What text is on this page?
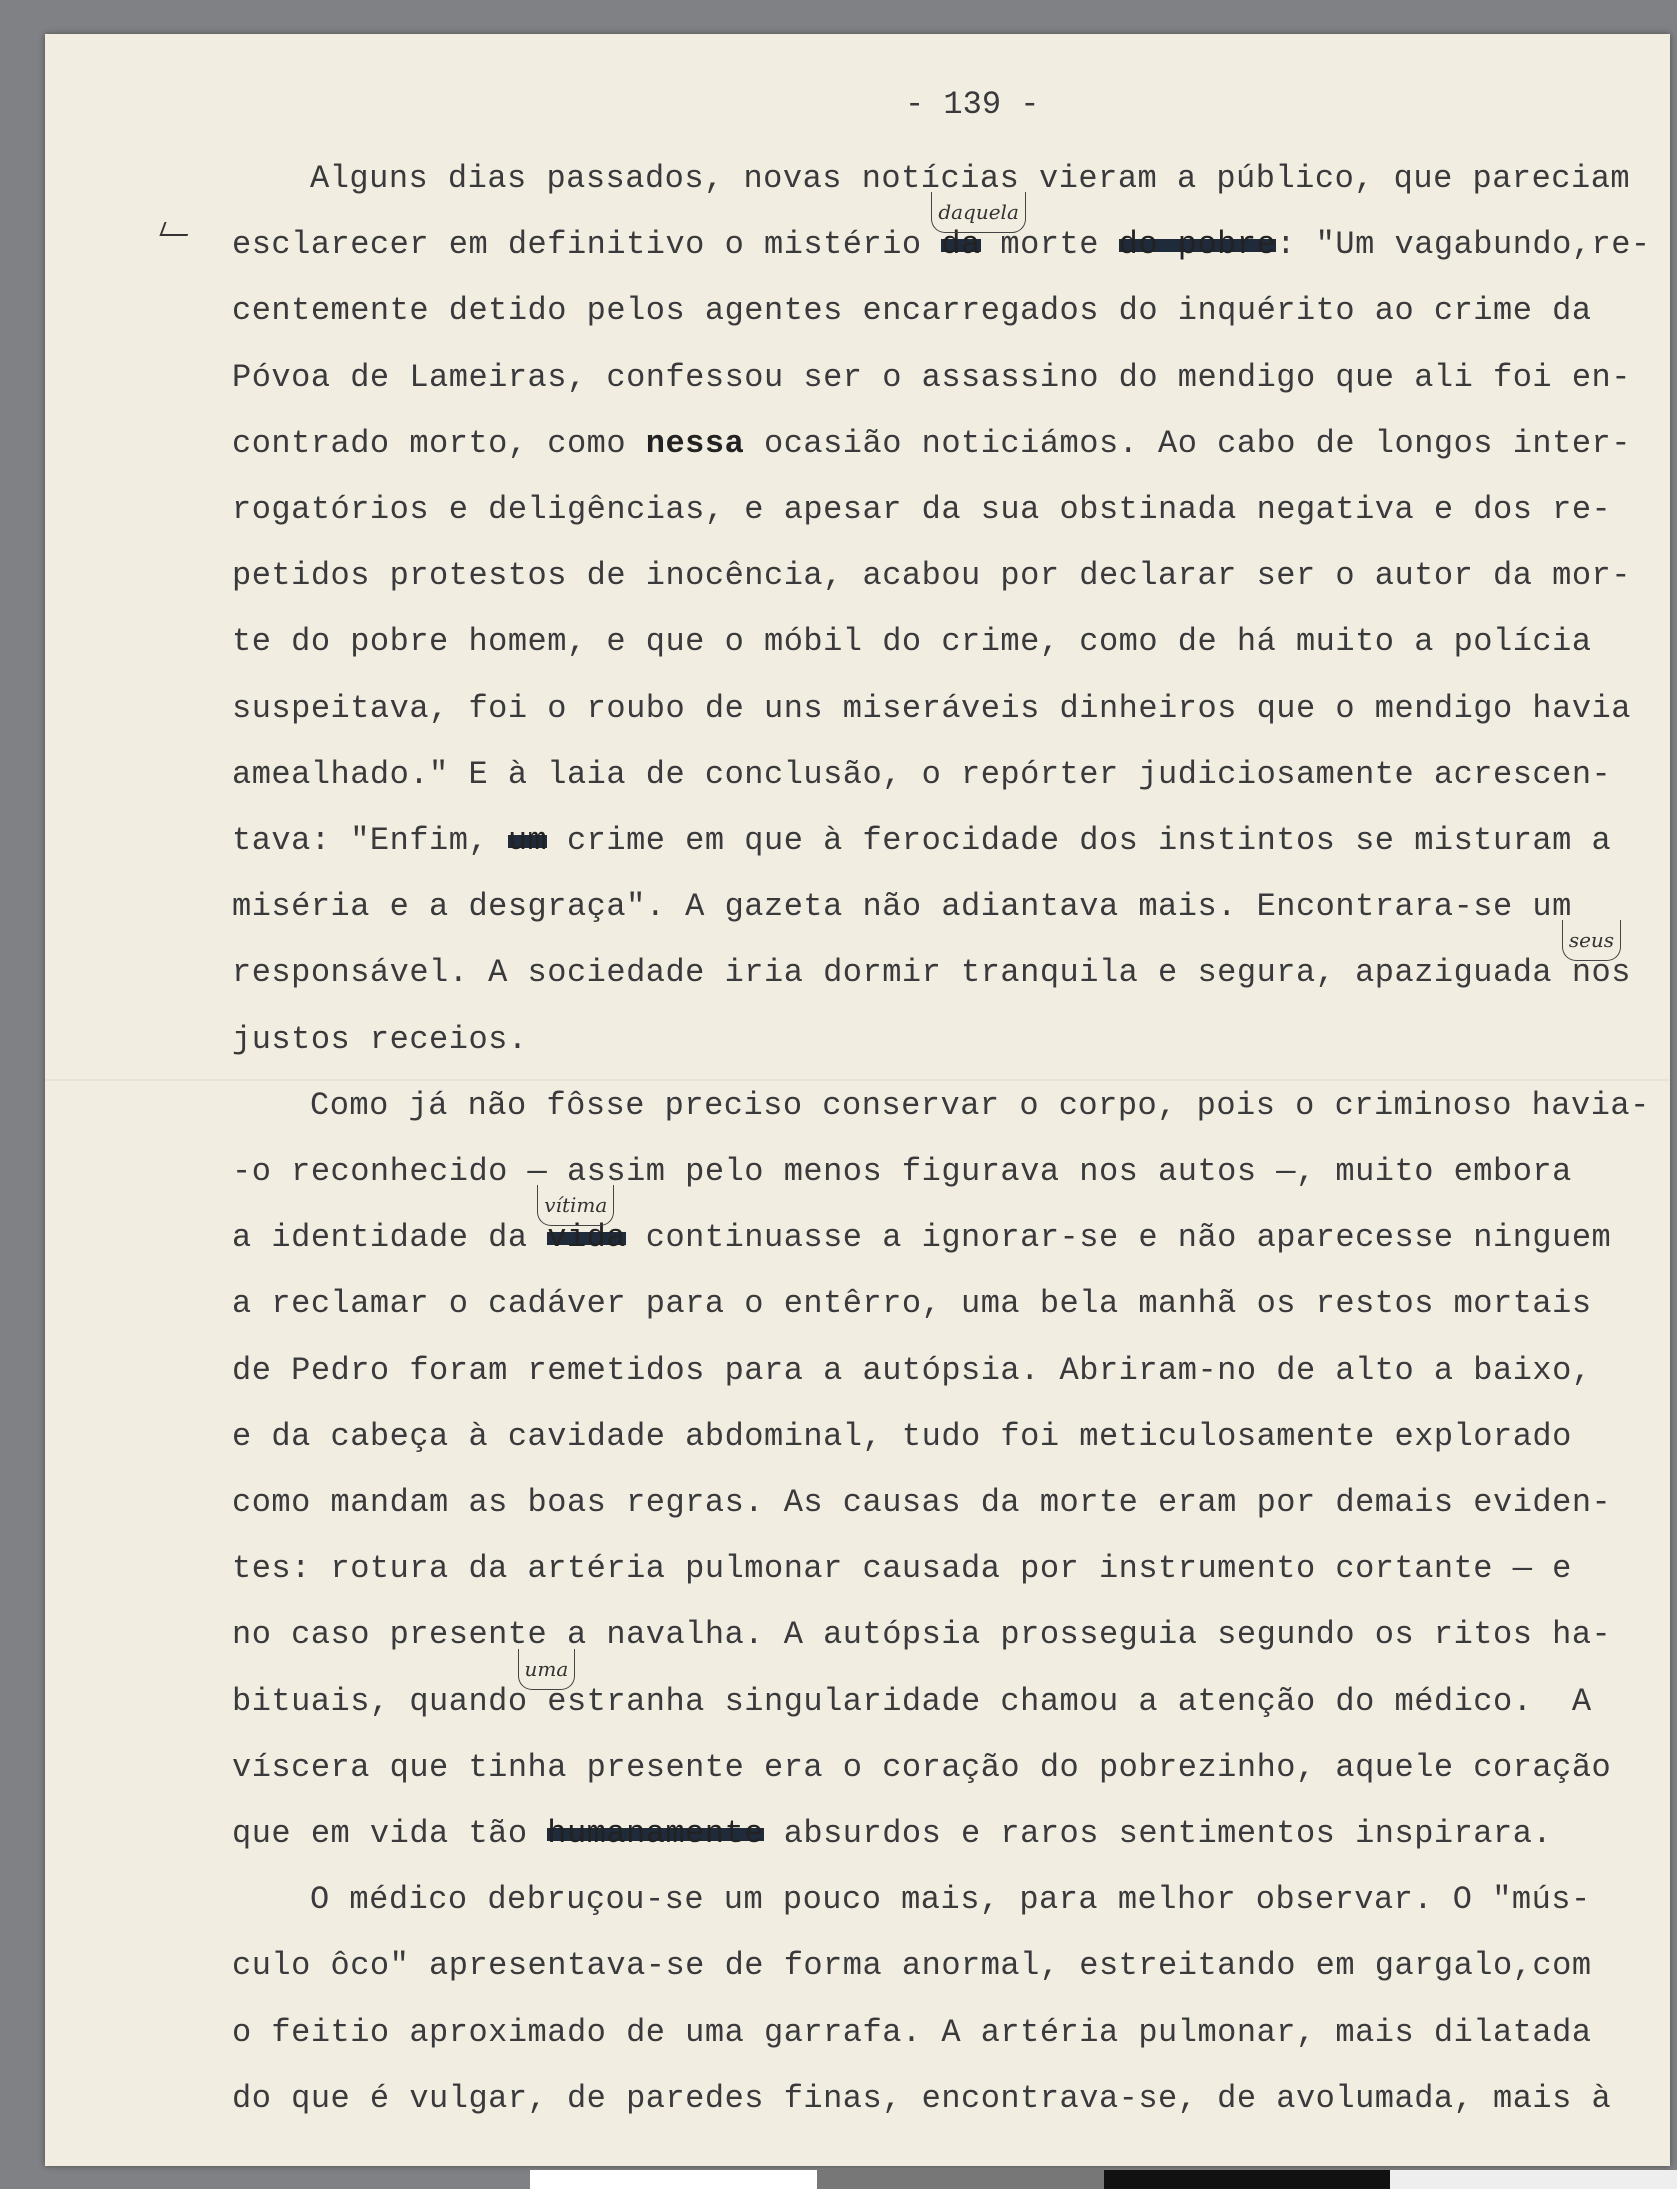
- 139 -
Alguns dias passados, novas notícias vieram a público, que pareciam
esclarecer em definitivo o mistério da
daquela
morte do pobre: "Um vagabundo,re-
centemente detido pelos agentes encarregados do inquérito ao crime da
Póvoa de Lameiras, confessou ser o assassino do mendigo que ali foi en-
contrado morto, como nessa ocasião noticiámos. Ao cabo de longos inter-
rogatórios e deligências, e apesar da sua obstinada negativa e dos re-
petidos protestos de inocência, acabou por declarar ser o autor da mor-
te do pobre homem, e que o móbil do crime, como de há muito a polícia
suspeitava, foi o roubo de uns miseráveis dinheiros que o mendigo havia
amealhado." E à laia de conclusão, o repórter judiciosamente acrescen-
tava: "Enfim, um crime em que à ferocidade dos instintos se misturam a
miséria e a desgraça". A gazeta não adiantava mais. Encontrara-se um
responsável. A sociedade iria dormir tranquila e segura, apaziguada nos
seus
justos receios.
Como já não fôsse preciso conservar o corpo, pois o criminoso havia-
-o reconhecido — assim pelo menos figurava nos autos —, muito embora
a identidade da vida
vítima
continuasse a ignorar-se e não aparecesse ninguem
a reclamar o cadáver para o entêrro, uma bela manhã os restos mortais
de Pedro foram remetidos para a autópsia. Abriram-no de alto a baixo,
e da cabeça à cavidade abdominal, tudo foi meticulosamente explorado
como mandam as boas regras. As causas da morte eram por demais eviden-
tes: rotura da artéria pulmonar causada por instrumento cortante — e
no caso presente a navalha. A autópsia prosseguia segundo os ritos ha-
bituais, quando
uma
estranha singularidade chamou a atenção do médico.  A
víscera que tinha presente era o coração do pobrezinho, aquele coração
que em vida tão humanamente absurdos e raros sentimentos inspirara.
O médico debruçou-se um pouco mais, para melhor observar. O "mús-
culo ôco" apresentava-se de forma anormal, estreitando em gargalo,com
o feitio aproximado de uma garrafa. A artéria pulmonar, mais dilatada
do que é vulgar, de paredes finas, encontrava-se, de avolumada, mais à
